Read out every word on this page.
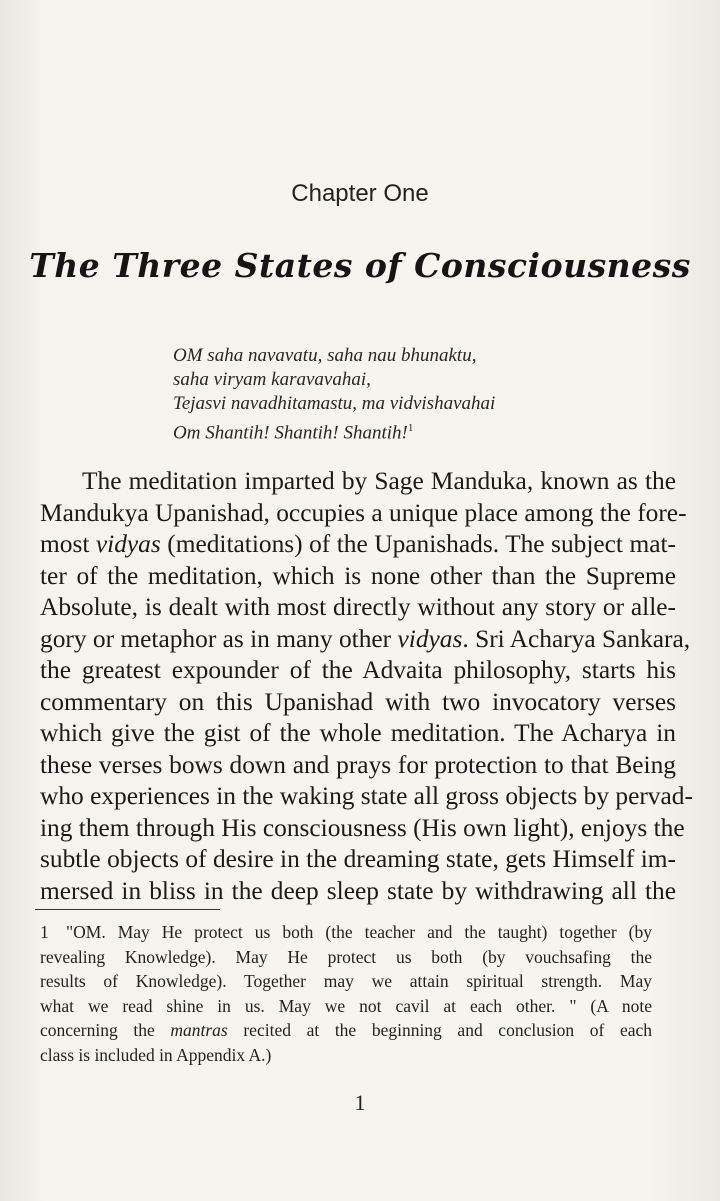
Chapter One
The Three States of Consciousness
OM saha navavatu, saha nau bhunaktu,
saha viryam karavavahai,
Tejasvi navadhitamastu, ma vidvishavahai
Om Shantih! Shantih! Shantih!$^1$
The meditation imparted by Sage Manduka, known as the
Mandukya Upanishad, occupies a unique place among the fore-
most vidyas (meditations) of the Upanishads. The subject mat-
ter of the meditation, which is none other than the Supreme
Absolute, is dealt with most directly without any story or alle-
gory or metaphor as in many other vidyas. Sri Acharya Sankara,
the greatest expounder of the Advaita philosophy, starts his
commentary on this Upanishad with two invocatory verses
which give the gist of the whole meditation. The Acharya in
these verses bows down and prays for protection to that Being
who experiences in the waking state all gross objects by pervad-
ing them through His consciousness (His own light), enjoys the
subtle objects of desire in the dreaming state, gets Himself im-
mersed in bliss in the deep sleep state by withdrawing all the
1 "OM. May He protect us both (the teacher and the taught) together (by
revealing Knowledge). May He protect us both (by vouchsafing the
results of Knowledge). Together may we attain spiritual strength. May
what we read shine in us. May we not cavil at each other. " (A note
concerning the mantras recited at the beginning and conclusion of each
class is included in Appendix A.)
1
